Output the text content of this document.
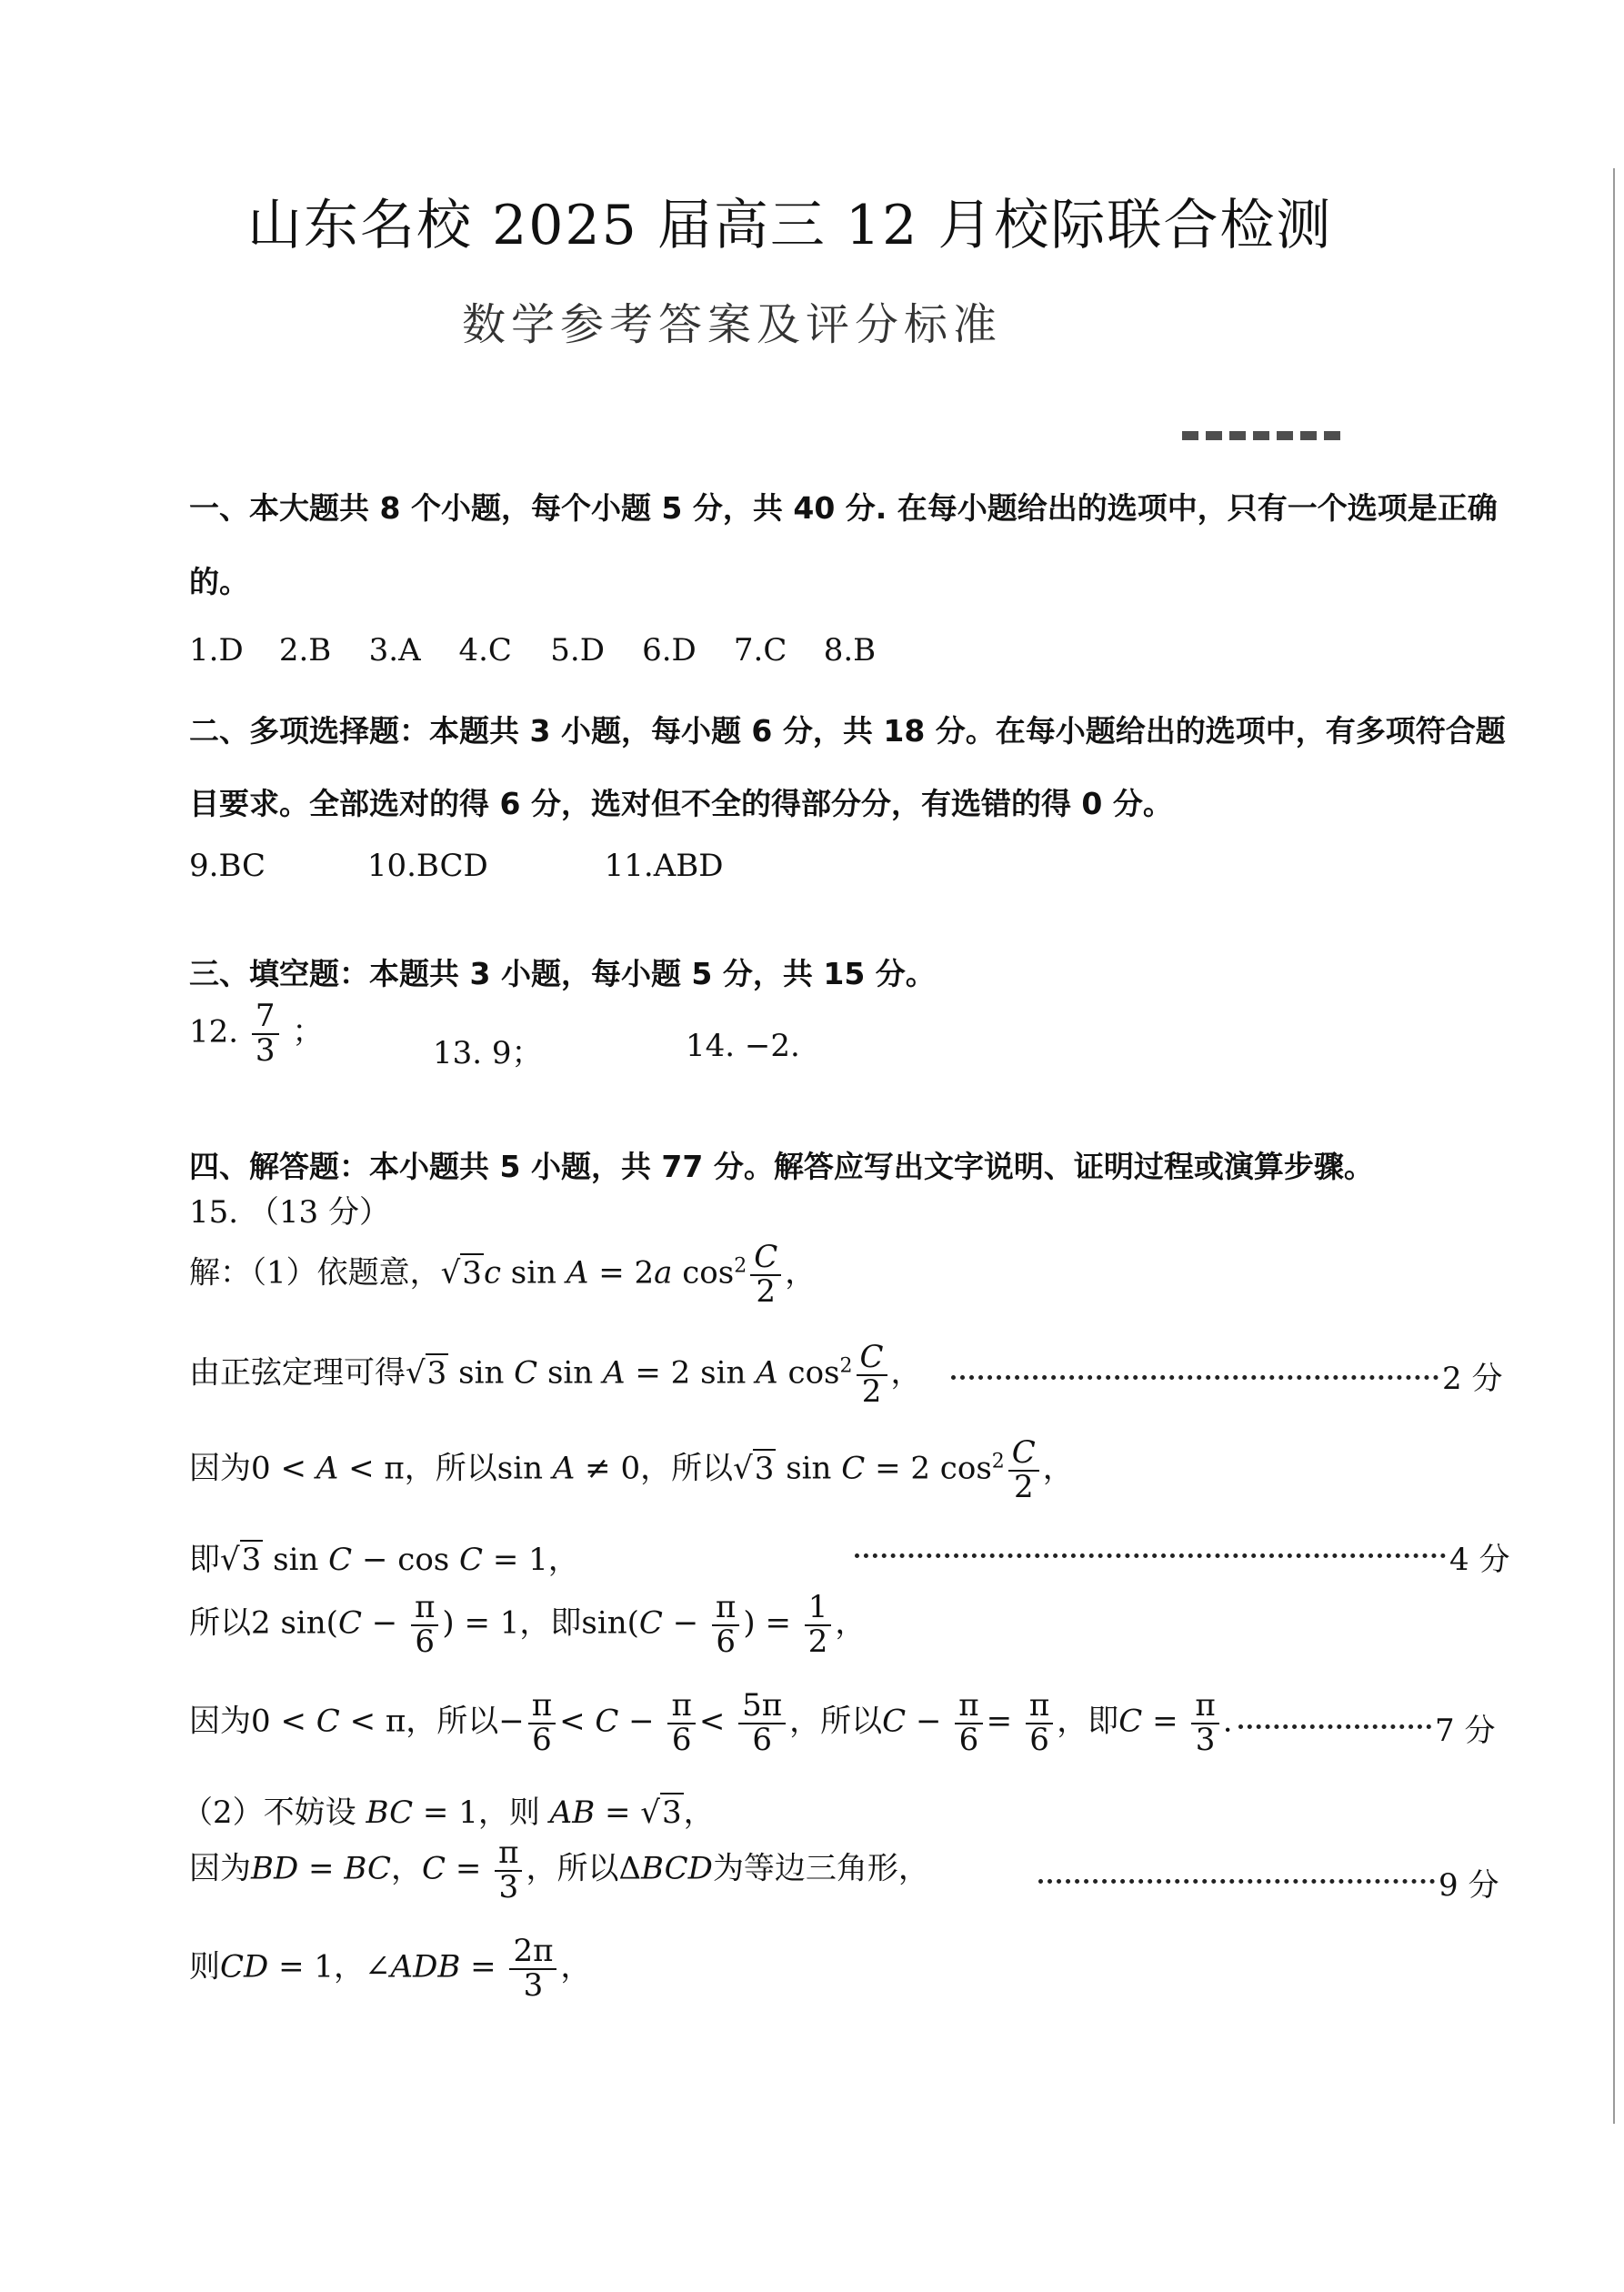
山东名校 2025 届高三 12 月校际联合检测
数学参考答案及评分标准
一、本大题共 8 个小题，每个小题 5 分，共 40 分. 在每小题给出的选项中，只有一个选项是正确
的。
1.D 2.B 3.A 4.C 5.D 6.D 7.C 8.B
二、多项选择题：本题共 3 小题，每小题 6 分，共 18 分。在每小题给出的选项中，有多项符合题
目要求。全部选对的得 6 分，选对但不全的得部分分，有选错的得 0 分。
9.BC	10.BCD	11.ABD
三、填空题：本题共 3 小题，每小题 5 分，共 15 分。
12. $\frac{7}{3}$ ；
13. 9；	14. −2.
四、解答题：本小题共 5 小题，共 77 分。解答应写出文字说明、证明过程或演算步骤。
15. （13 分）
解：（1）依题意，√3c sin A = 2a $\cos^2 \frac{C}{2}$ ，
由正弦定理可得√3 sin C sin A = 2 sin A $\cos^2 \frac{C}{2}$ ，	2 分
因为0 < A < π，所以sin A ≠ 0，所以√3 sin C = 2 $\cos^2 \frac{C}{2}$ ，
即√3 sin C − cos C = 1，	4 分
所以2 $\sin(C - \frac{\pi}{6}$ ) = 1，即$\sin(C - \frac{\pi}{6}$ ) = $\frac{1}{2}$ ，
因为0 < C < π，所以− $\frac{\pi}{6} < C - \frac{\pi}{6} < \frac{5\pi}{6}$ ，所以$C - \frac{\pi}{6} = \frac{\pi}{6}$ ，即$C = \frac{\pi}{3}$ .	7 分
（2）不妨设 BC = 1，则 AB = √3，
因为BD = BC，$C = \frac{\pi}{3}$ ，所以ΔBCD为等边三角形，	9 分
则CD = 1，∠ADB = $\frac{2\pi}{3}$ ，
